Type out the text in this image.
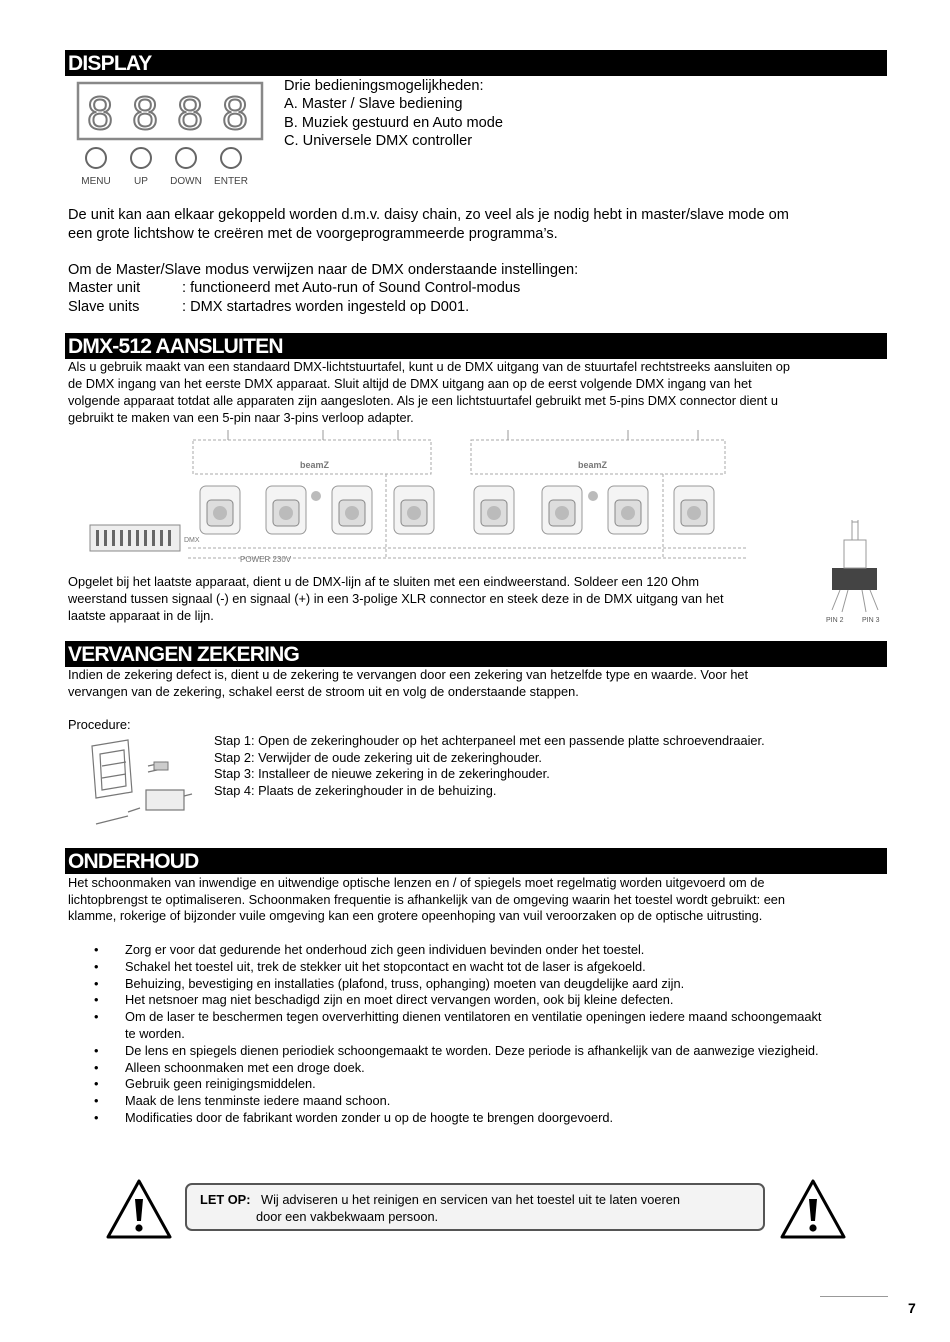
DISPLAY
8 8 8 8
MENU UP DOWN ENTER
Drie bedieningsmogelijkheden:
A. Master / Slave bediening
B. Muziek gestuurd en Auto mode
C. Universele DMX controller
De unit kan aan elkaar gekoppeld worden d.m.v. daisy chain, zo veel als je nodig hebt in master/slave mode om
een grote lichtshow te creëren met de voorgeprogrammeerde programma’s.
Om de Master/Slave modus verwijzen naar de DMX onderstaande instellingen:
Master unit	: functioneerd met Auto-run of Sound Control-modus
Slave units	: DMX startadres worden ingesteld op D001.
DMX-512 AANSLUITEN
Als u gebruik maakt van een standaard DMX-lichtstuurtafel, kunt u de DMX uitgang van de stuurtafel rechtstreeks aansluiten op
de DMX ingang van het eerste DMX apparaat. Sluit altijd de DMX uitgang aan op de eerst volgende DMX ingang van het
volgende apparaat totdat alle apparaten zijn aangesloten. Als je een lichtstuurtafel gebruikt met 5-pins DMX connector dient u
gebruikt te maken van een 5-pin naar 3-pins verloop adapter.
beamZ	beamZ
DMX
POWER 230V
Opgelet bij het laatste apparaat, dient u de DMX-lijn af te sluiten met een eindweerstand. Soldeer een 120 Ohm
weerstand tussen signaal (-) en signaal (+) in een 3-polige XLR connector en steek deze in de DMX uitgang van het
laatste apparaat in de lijn.	PIN 2	PIN 3
VERVANGEN ZEKERING
Indien de zekering defect is, dient u de zekering te vervangen door een zekering van hetzelfde type en waarde. Voor het
vervangen van de zekering, schakel eerst de stroom uit en volg de onderstaande stappen.
Procedure:
Stap 1: Open de zekeringhouder op het achterpaneel met een passende platte schroevendraaier.
Stap 2: Verwijder de oude zekering uit de zekeringhouder.
Stap 3: Installeer de nieuwe zekering in de zekeringhouder.
Stap 4: Plaats de zekeringhouder in de behuizing.
ONDERHOUD
Het schoonmaken van inwendige en uitwendige optische lenzen en / of spiegels moet regelmatig worden uitgevoerd om de
lichtopbrengst te optimaliseren. Schoonmaken frequentie is afhankelijk van de omgeving waarin het toestel wordt gebruikt: een
klamme, rokerige of bijzonder vuile omgeving kan een grotere opeenhoping van vuil veroorzaken op de optische uitrusting.
• Zorg er voor dat gedurende het onderhoud zich geen individuen bevinden onder het toestel.
• Schakel het toestel uit, trek de stekker uit het stopcontact en wacht tot de laser is afgekoeld.
• Behuizing, bevestiging en installaties (plafond, truss, ophanging) moeten van deugdelijke aard zijn.
• Het netsnoer mag niet beschadigd zijn en moet direct vervangen worden, ook bij kleine defecten.
• Om de laser te beschermen tegen oververhitting dienen ventilatoren en ventilatie openingen iedere maand schoongemaakt te worden.
• De lens en spiegels dienen periodiek schoongemaakt te worden. Deze periode is afhankelijk van de aanwezige viezigheid.
• Alleen schoonmaken met een droge doek.
• Gebruik geen reinigingsmiddelen.
• Maak de lens tenminste iedere maand schoon.
• Modificaties door de fabrikant worden zonder u op de hoogte te brengen doorgevoerd.
LET OP: Wij adviseren u het reinigen en servicen van het toestel uit te laten voeren
door een vakbekwaam persoon.
7
